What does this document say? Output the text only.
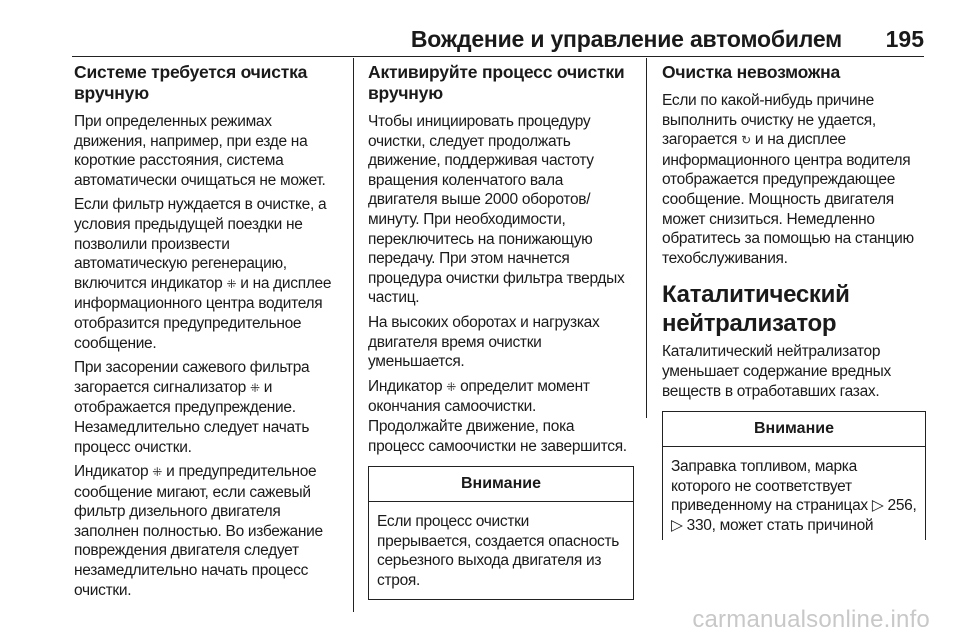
Вождение и управление автомобилем 195
Системе требуется очистка вручную

При определенных режимах движения, например, при езде на короткие расстояния, система автоматически очищаться не может.

Если фильтр нуждается в очистке, а условия предыдущей поездки не позволили произвести автоматическую регенерацию, включится индикатор ⁜ и на дисплее информационного центра водителя отобразится предупредительное сообщение.

При засорении сажевого фильтра загорается сигнализатор ⁜ и отображается предупреждение. Незамедлительно следует начать процесс очистки.

Индикатор ⁜ и предупредительное сообщение мигают, если сажевый фильтр дизельного двигателя заполнен полностью. Во избежание повреждения двигателя следует незамедлительно начать процесс очистки.

Активируйте процесс очистки вручную

Чтобы инициировать процедуру очистки, следует продолжать движение, поддерживая частоту вращения коленчатого вала двигателя выше 2000 оборотов/минуту. При необходимости, переключитесь на понижающую передачу. При этом начнется процедура очистки фильтра твердых частиц.

На высоких оборотах и нагрузках двигателя время очистки уменьшается.

Индикатор ⁜ определит момент окончания самоочистки. Продолжайте движение, пока процесс самоочистки не завершится.

Внимание

Если процесс очистки прерывается, создается опасность серьезного выхода двигателя из строя.

Очистка невозможна

Если по какой-нибудь причине выполнить очистку не удается, загорается ↻ и на дисплее информационного центра водителя отображается предупреждающее сообщение. Мощность двигателя может снизиться. Немедленно обратитесь за помощью на станцию техобслуживания.

Каталитический нейтрализатор

Каталитический нейтрализатор уменьшает содержание вредных веществ в отработавших газах.

Внимание

Заправка топливом, марка которого не соответствует приведенному на страницах ▷ 256, ▷ 330, может стать причиной

carmanualsonline.info
